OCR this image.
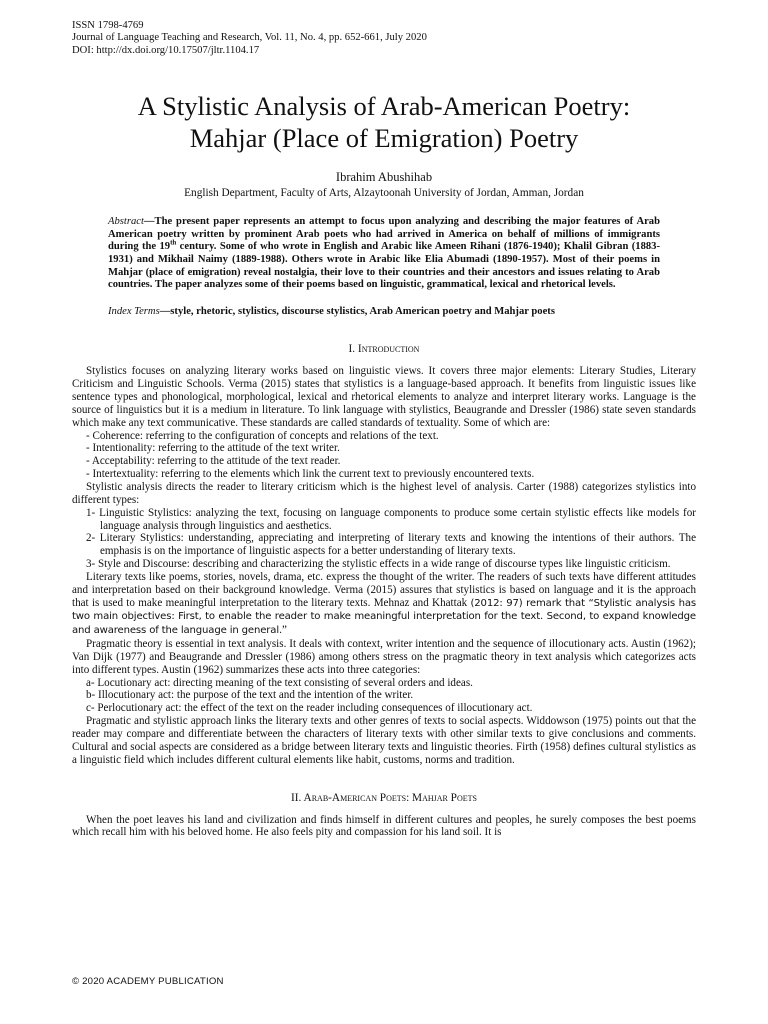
ISSN 1798-4769
Journal of Language Teaching and Research, Vol. 11, No. 4, pp. 652-661, July 2020
DOI: http://dx.doi.org/10.17507/jltr.1104.17
A Stylistic Analysis of Arab-American Poetry:
Mahjar (Place of Emigration) Poetry
Ibrahim Abushihab
English Department, Faculty of Arts, Alzaytoonah University of Jordan, Amman, Jordan
Abstract—The present paper represents an attempt to focus upon analyzing and describing the major features of Arab American poetry written by prominent Arab poets who had arrived in America on behalf of millions of immigrants during the 19th century. Some of who wrote in English and Arabic like Ameen Rihani (1876-1940); Khalil Gibran (1883-1931) and Mikhail Naimy (1889-1988). Others wrote in Arabic like Elia Abumadi (1890-1957). Most of their poems in Mahjar (place of emigration) reveal nostalgia, their love to their countries and their ancestors and issues relating to Arab countries. The paper analyzes some of their poems based on linguistic, grammatical, lexical and rhetorical levels.
Index Terms—style, rhetoric, stylistics, discourse stylistics, Arab American poetry and Mahjar poets
I. Introduction
Stylistics focuses on analyzing literary works based on linguistic views. It covers three major elements: Literary Studies, Literary Criticism and Linguistic Schools. Verma (2015) states that stylistics is a language-based approach. It benefits from linguistic issues like sentence types and phonological, morphological, lexical and rhetorical elements to analyze and interpret literary works. Language is the source of linguistics but it is a medium in literature. To link language with stylistics, Beaugrande and Dressler (1986) state seven standards which make any text communicative. These standards are called standards of textuality. Some of which are:
- Coherence: referring to the configuration of concepts and relations of the text.
- Intentionality: referring to the attitude of the text writer.
- Acceptability: referring to the attitude of the text reader.
- Intertextuality: referring to the elements which link the current text to previously encountered texts.
Stylistic analysis directs the reader to literary criticism which is the highest level of analysis. Carter (1988) categorizes stylistics into different types:
1- Linguistic Stylistics: analyzing the text, focusing on language components to produce some certain stylistic effects like models for language analysis through linguistics and aesthetics.
2- Literary Stylistics: understanding, appreciating and interpreting of literary texts and knowing the intentions of their authors. The emphasis is on the importance of linguistic aspects for a better understanding of literary texts.
3- Style and Discourse: describing and characterizing the stylistic effects in a wide range of discourse types like linguistic criticism.
Literary texts like poems, stories, novels, drama, etc. express the thought of the writer. The readers of such texts have different attitudes and interpretation based on their background knowledge. Verma (2015) assures that stylistics is based on language and it is the approach that is used to make meaningful interpretation to the literary texts. Mehnaz and Khattak (2012: 97) remark that “Stylistic analysis has two main objectives: First, to enable the reader to make meaningful interpretation for the text. Second, to expand knowledge and awareness of the language in general.”
Pragmatic theory is essential in text analysis. It deals with context, writer intention and the sequence of illocutionary acts. Austin (1962); Van Dijk (1977) and Beaugrande and Dressler (1986) among others stress on the pragmatic theory in text analysis which categorizes acts into different types. Austin (1962) summarizes these acts into three categories:
a- Locutionary act: directing meaning of the text consisting of several orders and ideas.
b- Illocutionary act: the purpose of the text and the intention of the writer.
c- Perlocutionary act: the effect of the text on the reader including consequences of illocutionary act.
Pragmatic and stylistic approach links the literary texts and other genres of texts to social aspects. Widdowson (1975) points out that the reader may compare and differentiate between the characters of literary texts with other similar texts to give conclusions and comments. Cultural and social aspects are considered as a bridge between literary texts and linguistic theories. Firth (1958) defines cultural stylistics as a linguistic field which includes different cultural elements like habit, customs, norms and tradition.
II. Arab-American Poets: Mahjar Poets
When the poet leaves his land and civilization and finds himself in different cultures and peoples, he surely composes the best poems which recall him with his beloved home. He also feels pity and compassion for his land soil. It is
© 2020 ACADEMY PUBLICATION
